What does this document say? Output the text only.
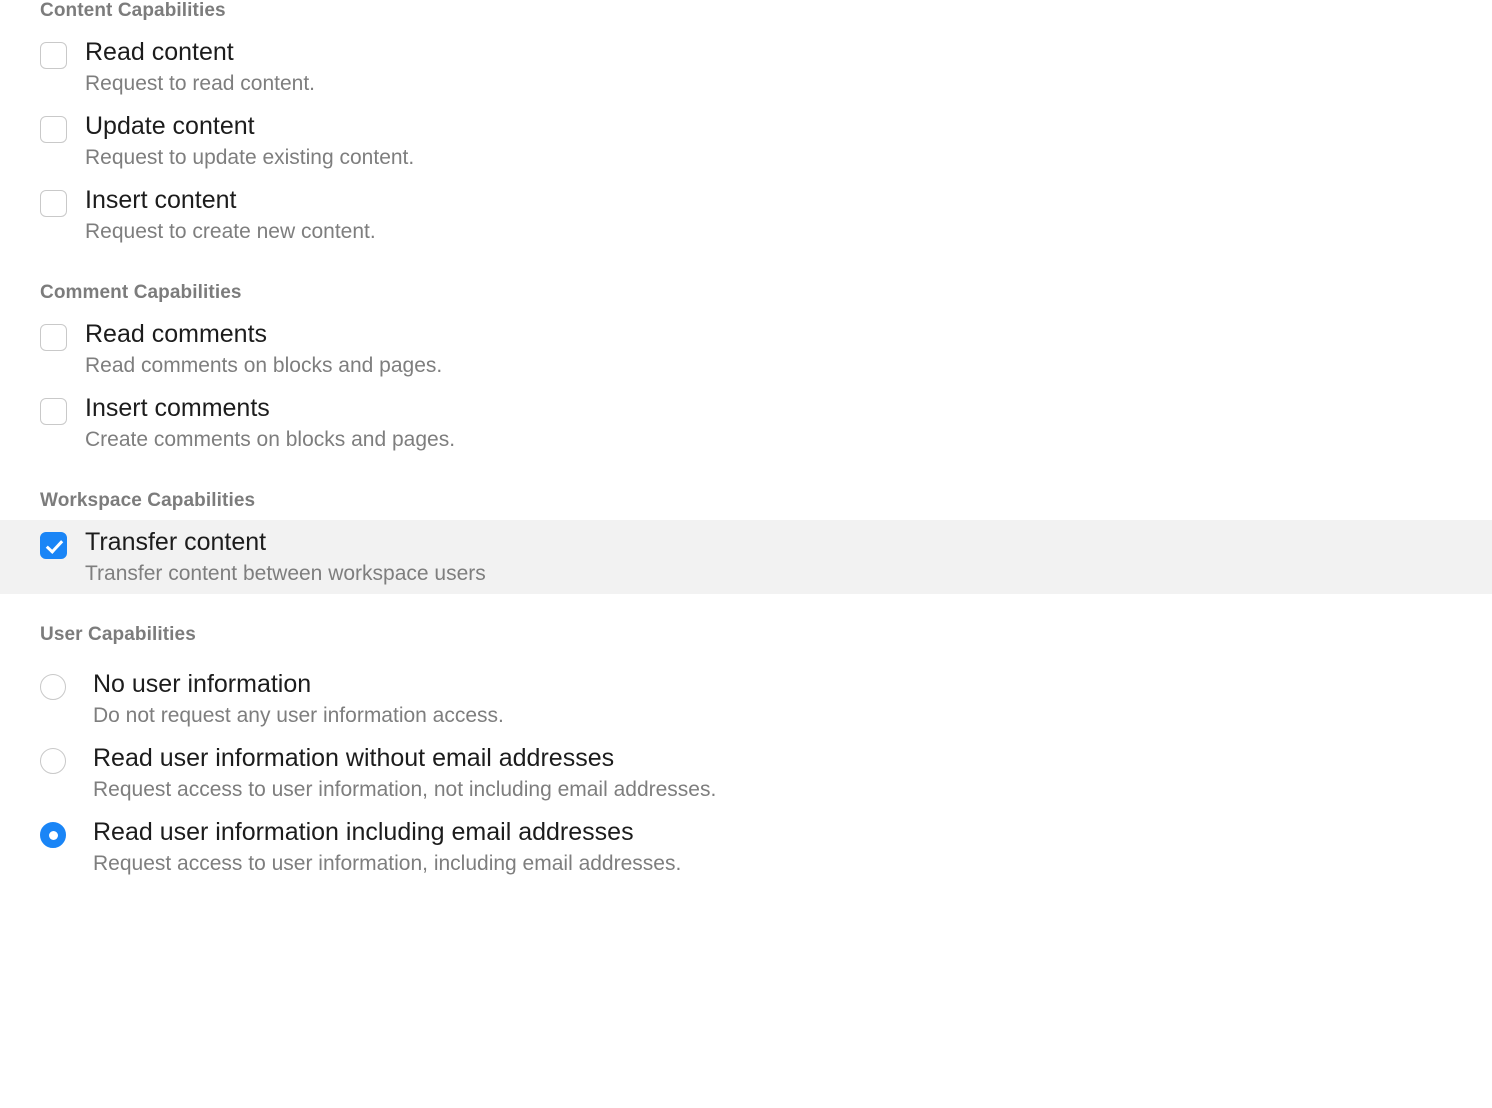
Content Capabilities
Read content
Request to read content.
Update content
Request to update existing content.
Insert content
Request to create new content.
Comment Capabilities
Read comments
Read comments on blocks and pages.
Insert comments
Create comments on blocks and pages.
Workspace Capabilities
Transfer content
Transfer content between workspace users
User Capabilities
No user information
Do not request any user information access.
Read user information without email addresses
Request access to user information, not including email addresses.
Read user information including email addresses
Request access to user information, including email addresses.
